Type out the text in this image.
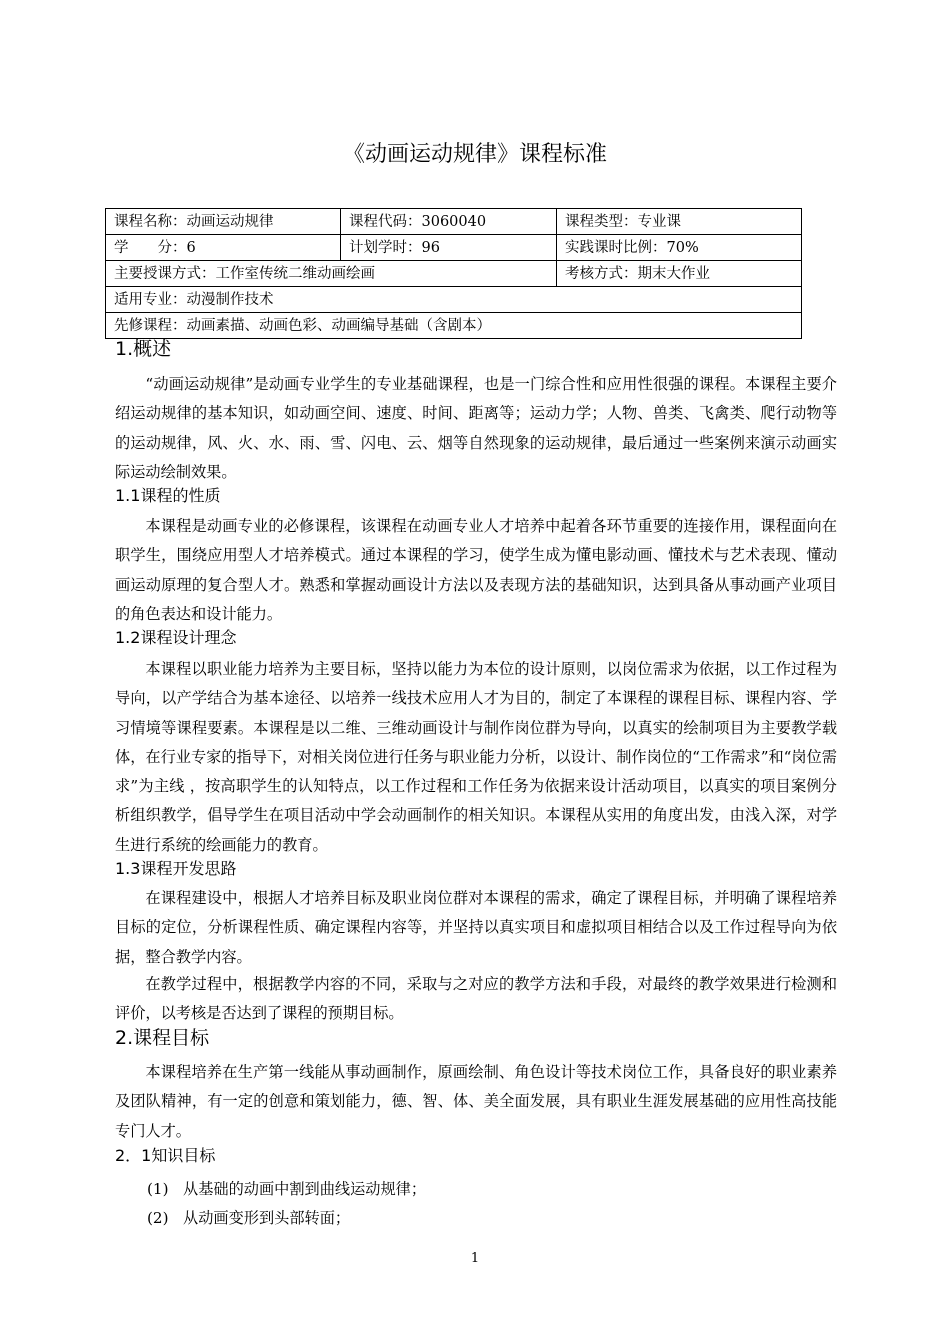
《动画运动规律》课程标准
课程名称：动画运动规律	课程代码：3060040	课程类型：专业课
学　　分：6	计划学时：96	实践课时比例：70%
主要授课方式：工作室传统二维动画绘画		考核方式：期末大作业
适用专业：动漫制作技术		
先修课程：动画素描、动画色彩、动画编导基础（含剧本）		
1.概述

“动画运动规律”是动画专业学生的专业基础课程，也是一门综合性和应用性很强的课程。本课程主要介绍运动规律的基本知识，如动画空间、速度、时间、距离等；运动力学；人物、兽类、飞禽类、爬行动物等的运动规律，风、火、水、雨、雪、闪电、云、烟等自然现象的运动规律，最后通过一些案例来演示动画实际运动绘制效果。

1.1课程的性质

本课程是动画专业的必修课程，该课程在动画专业人才培养中起着各环节重要的连接作用，课程面向在职学生，围绕应用型人才培养模式。通过本课程的学习，使学生成为懂电影动画、懂技术与艺术表现、懂动画运动原理的复合型人才。熟悉和掌握动画设计方法以及表现方法的基础知识，达到具备从事动画产业项目的角色表达和设计能力。

1.2课程设计理念

本课程以职业能力培养为主要目标，坚持以能力为本位的设计原则，以岗位需求为依据，以工作过程为导向，以产学结合为基本途径、以培养一线技术应用人才为目的，制定了本课程的课程目标、课程内容、学习情境等课程要素。本课程是以二维、三维动画设计与制作岗位群为导向，以真实的绘制项目为主要教学载体，在行业专家的指导下，对相关岗位进行任务与职业能力分析，以设计、制作岗位的“工作需求”和“岗位需求”为主线 ，按高职学生的认知特点，以工作过程和工作任务为依据来设计活动项目，以真实的项目案例分析组织教学，倡导学生在项目活动中学会动画制作的相关知识。本课程从实用的角度出发，由浅入深，对学生进行系统的绘画能力的教育。

1.3课程开发思路

在课程建设中，根据人才培养目标及职业岗位群对本课程的需求，确定了课程目标，并明确了课程培养目标的定位，分析课程性质、确定课程内容等，并坚持以真实项目和虚拟项目相结合以及工作过程导向为依据，整合教学内容。

在教学过程中，根据教学内容的不同，采取与之对应的教学方法和手段，对最终的教学效果进行检测和评价，以考核是否达到了课程的预期目标。

2.课程目标

本课程培养在生产第一线能从事动画制作，原画绘制、角色设计等技术岗位工作，具备良好的职业素养及团队精神，有一定的创意和策划能力，德、智、体、美全面发展，具有职业生涯发展基础的应用性高技能专门人才。

2．1知识目标
(1) 从基础的动画中割到曲线运动规律；
(2) 从动画变形到头部转面；
1
